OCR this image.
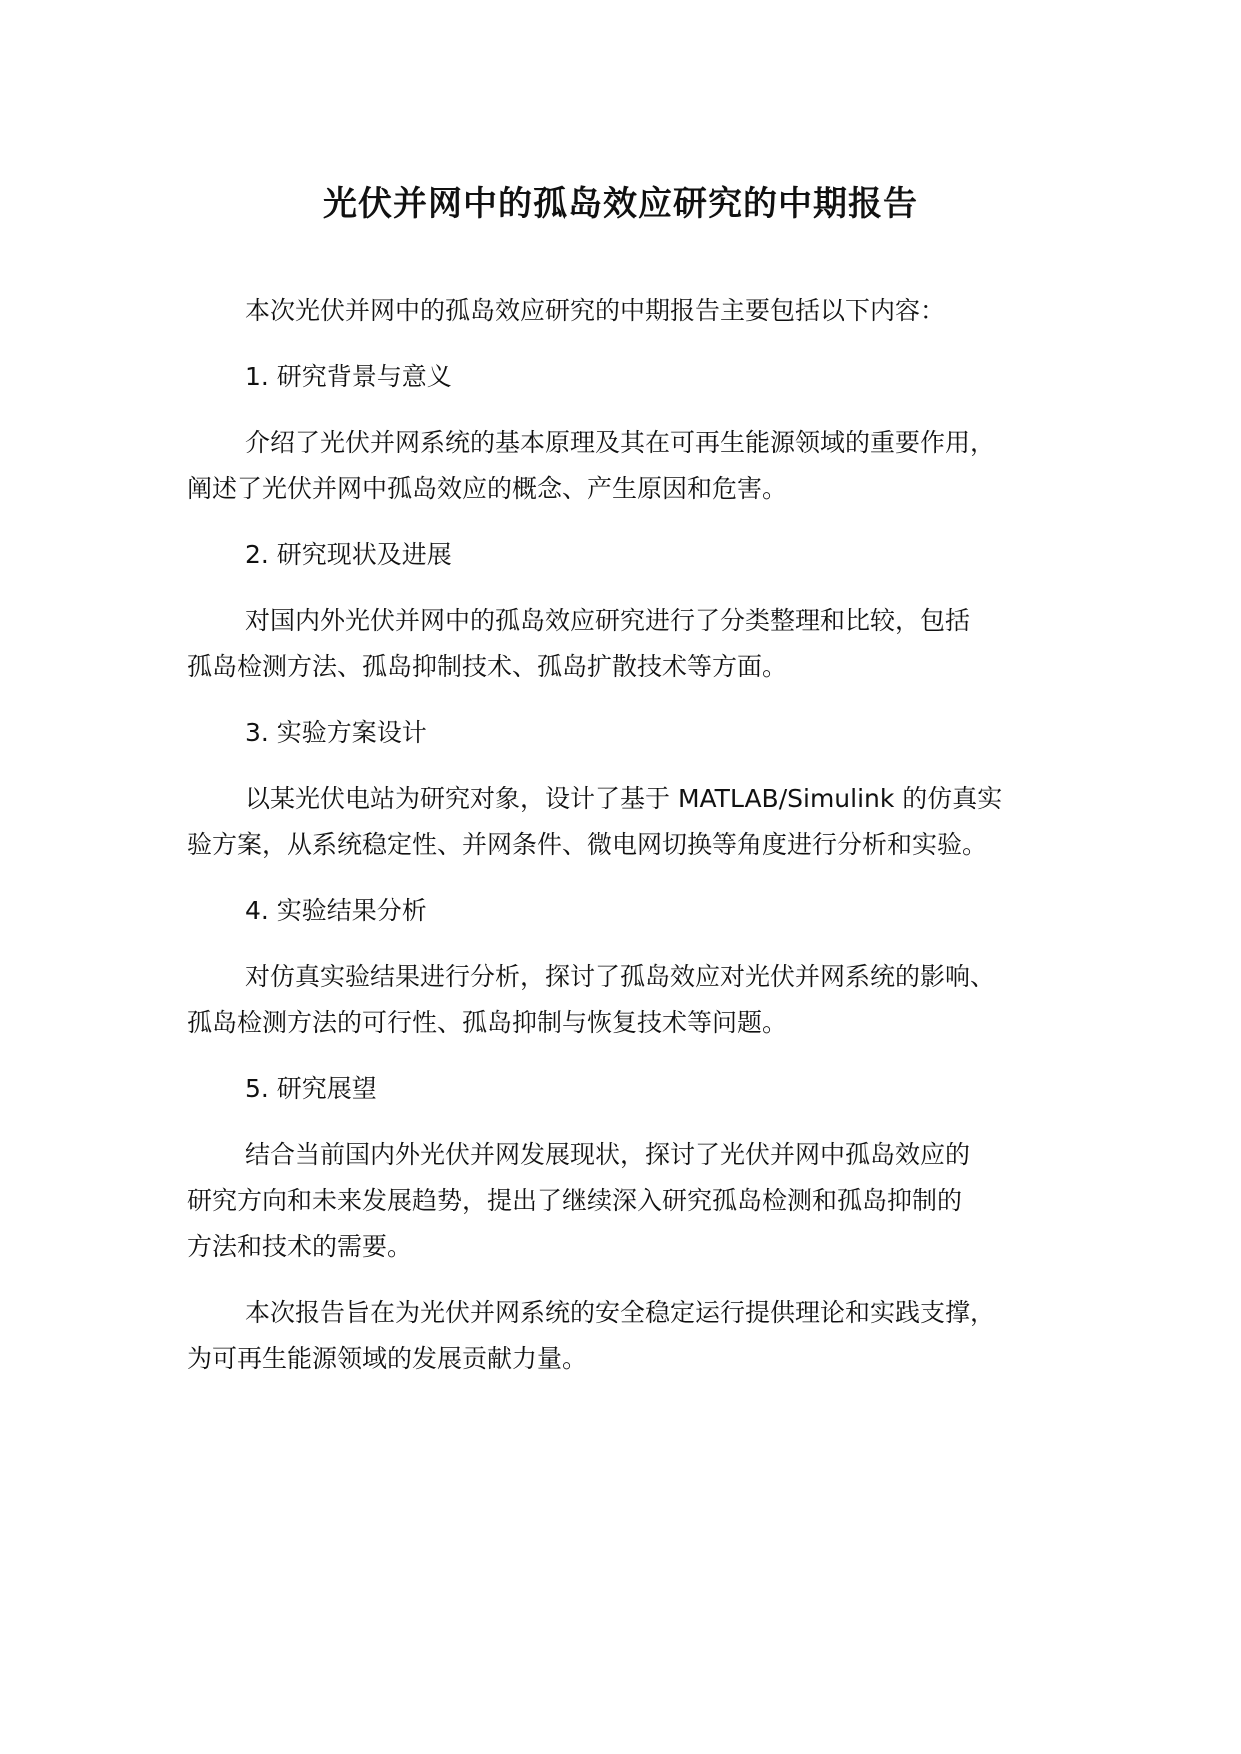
光伏并网中的孤岛效应研究的中期报告

本次光伏并网中的孤岛效应研究的中期报告主要包括以下内容：

1. 研究背景与意义

介绍了光伏并网系统的基本原理及其在可再生能源领域的重要作用，
阐述了光伏并网中孤岛效应的概念、产生原因和危害。

2. 研究现状及进展

对国内外光伏并网中的孤岛效应研究进行了分类整理和比较，包括
孤岛检测方法、孤岛抑制技术、孤岛扩散技术等方面。

3. 实验方案设计

以某光伏电站为研究对象，设计了基于 MATLAB/Simulink 的仿真实
验方案，从系统稳定性、并网条件、微电网切换等角度进行分析和实验。

4. 实验结果分析

对仿真实验结果进行分析，探讨了孤岛效应对光伏并网系统的影响、
孤岛检测方法的可行性、孤岛抑制与恢复技术等问题。

5. 研究展望

结合当前国内外光伏并网发展现状，探讨了光伏并网中孤岛效应的
研究方向和未来发展趋势，提出了继续深入研究孤岛检测和孤岛抑制的
方法和技术的需要。

本次报告旨在为光伏并网系统的安全稳定运行提供理论和实践支撑，
为可再生能源领域的发展贡献力量。
